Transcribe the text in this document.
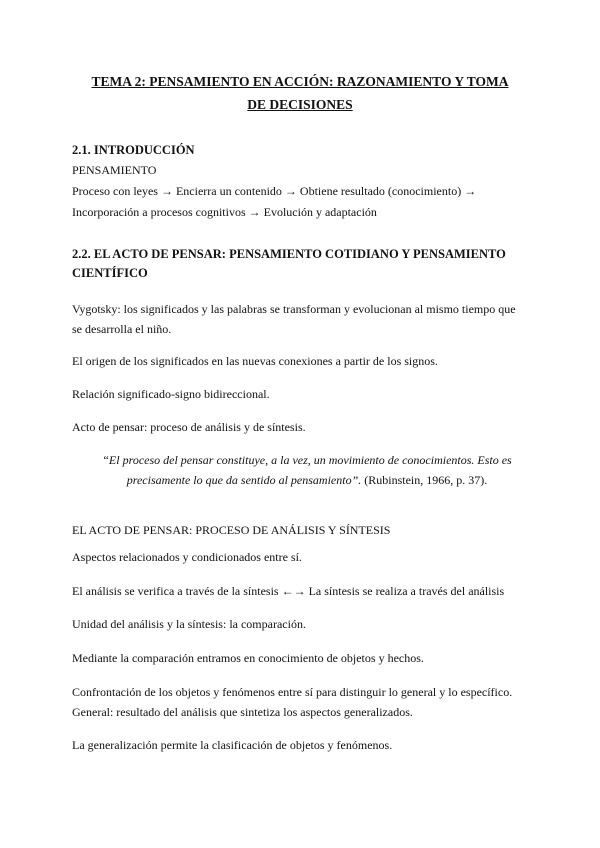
TEMA 2: PENSAMIENTO EN ACCIÓN: RAZONAMIENTO Y TOMA
DE DECISIONES
2.1. INTRODUCCIÓN
PENSAMIENTO
Proceso con leyes → Encierra un contenido → Obtiene resultado (conocimiento) →
Incorporación a procesos cognitivos → Evolución y adaptación
2.2. EL ACTO DE PENSAR: PENSAMIENTO COTIDIANO Y PENSAMIENTO
CIENTÍFICO
Vygotsky: los significados y las palabras se transforman y evolucionan al mismo tiempo que
se desarrolla el niño.
El origen de los significados en las nuevas conexiones a partir de los signos.
Relación significado-signo bidireccional.
Acto de pensar: proceso de análisis y de síntesis.
“El proceso del pensar constituye, a la vez, un movimiento de conocimientos. Esto es
precisamente lo que da sentido al pensamiento”. (Rubinstein, 1966, p. 37).
EL ACTO DE PENSAR: PROCESO DE ANÁLISIS Y SÍNTESIS
Aspectos relacionados y condicionados entre sí.
El análisis se verifica a través de la síntesis ←→ La síntesis se realiza a través del análisis
Unidad del análisis y la síntesis: la comparación.
Mediante la comparación entramos en conocimiento de objetos y hechos.
Confrontación de los objetos y fenómenos entre sí para distinguir lo general y lo específico.
General: resultado del análisis que sintetiza los aspectos generalizados.
La generalización permite la clasificación de objetos y fenómenos.
